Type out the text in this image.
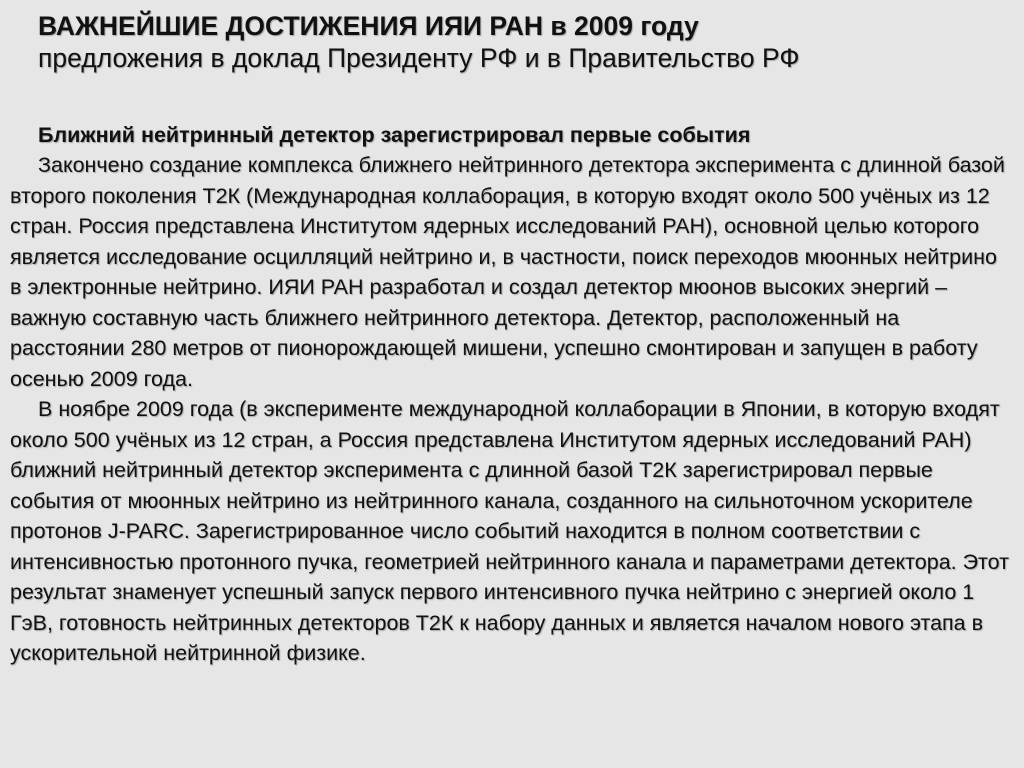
ВАЖНЕЙШИЕ ДОСТИЖЕНИЯ ИЯИ РАН в 2009 году
предложения в доклад Президенту РФ и в Правительство РФ
Ближний нейтринный детектор зарегистрировал первые события

Закончено создание комплекса ближнего нейтринного детектора эксперимента с длинной базой второго поколения Т2К (Международная коллаборация, в которую входят около 500 учёных из 12 стран. Россия представлена Институтом ядерных исследований РАН), основной целью которого является исследование осцилляций нейтрино и, в частности, поиск переходов мюонных нейтрино в электронные нейтрино. ИЯИ РАН разработал и создал детектор мюонов высоких энергий – важную составную часть ближнего нейтринного детектора. Детектор, расположенный на расстоянии 280 метров от пионорождающей мишени, успешно смонтирован и запущен в работу осенью 2009 года.

В ноябре 2009 года (в эксперименте международной коллаборации в Японии, в которую входят около 500 учёных из 12 стран, а Россия представлена Институтом ядерных исследований РАН) ближний нейтринный детектор эксперимента с длинной базой Т2К зарегистрировал первые события от мюонных нейтрино из нейтринного канала, созданного на сильноточном ускорителе протонов J-PARC. Зарегистрированное число событий находится в полном соответствии с интенсивностью протонного пучка, геометрией нейтринного канала и параметрами детектора. Этот результат знаменует успешный запуск первого интенсивного пучка нейтрино с энергией около 1 ГэВ, готовность нейтринных детекторов Т2К к набору данных и является началом нового этапа в ускорительной нейтринной физике.
